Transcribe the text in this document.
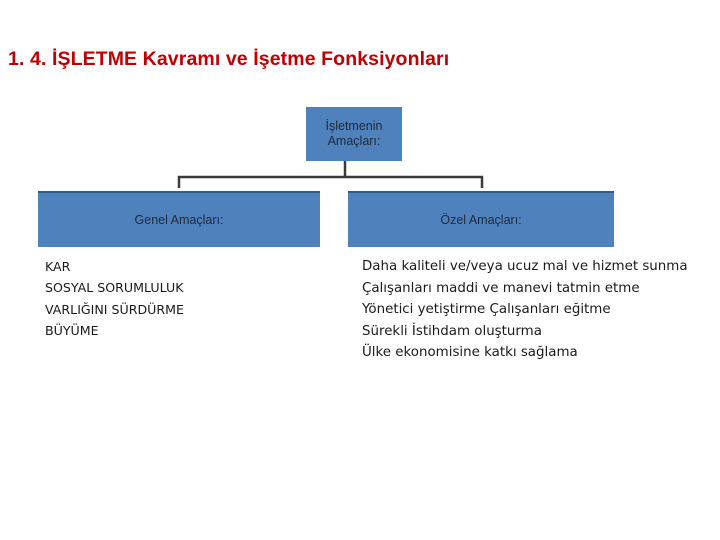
1. 4. İŞLETME Kavramı ve İşetme Fonksiyonları
İşletmenin
Amaçları:
Genel Amaçları:	Özel Amaçları:
KAR
SOSYAL SORUMLULUK
VARLIĞINI SÜRDÜRME
BÜYÜME
Daha kaliteli ve/veya ucuz mal ve hizmet sunma
Çalışanları maddi ve manevi tatmin etme
Yönetici yetiştirme Çalışanları eğitme
Sürekli İstihdam oluşturma
Ülke ekonomisine katkı sağlama
